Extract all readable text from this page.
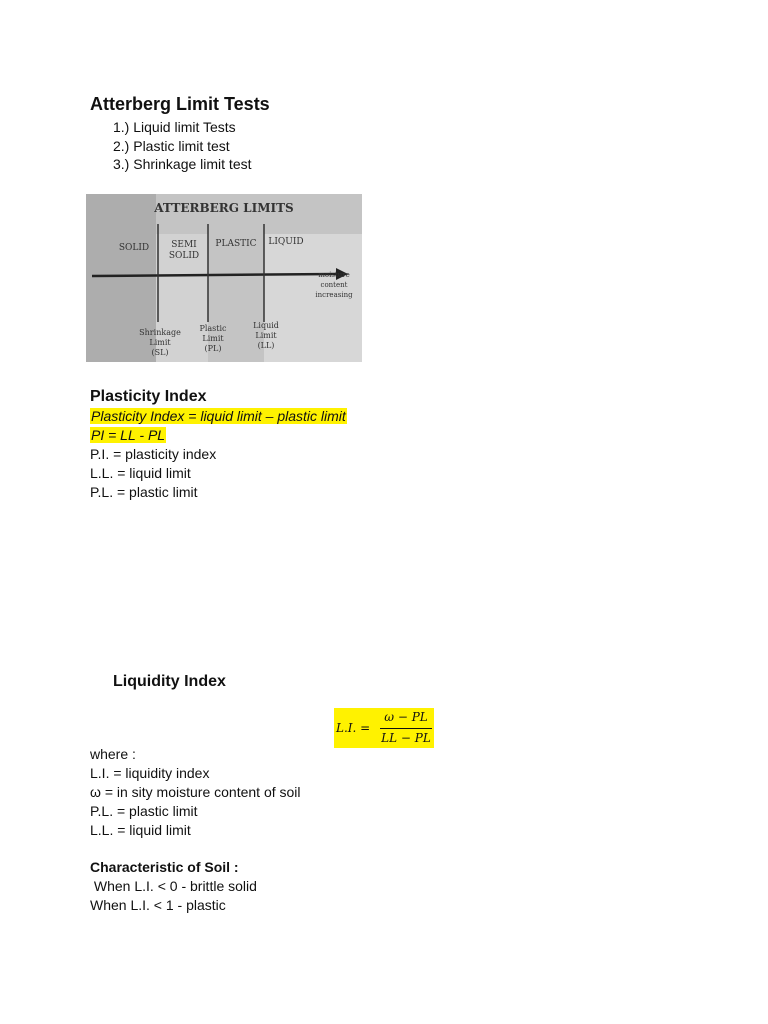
Atterberg Limit Tests
1.) Liquid limit Tests
2.) Plastic limit test
3.) Shrinkage limit test
ATTERBERG LIMITS
SOLID SEMI
SOLID
PLASTIC LIQUID
moisture
content
increasing
Shrinkage
Limit
(SL)
Plastic
Limit
(PL)
Liquid
Limit
(LL)
Plasticity Index
Plasticity Index = liquid limit – plastic limit
PI = LL - PL
P.I. = plasticity index
L.L. = liquid limit
P.L. = plastic limit
Liquidity Index
L.I. =
ω − PL
LL − PL
where :
L.I. = liquidity index
ω = in sity moisture content of soil
P.L. = plastic limit
L.L. = liquid limit
Characteristic of Soil :
When L.I. < 0 - brittle solid
When L.I. < 1 - plastic
